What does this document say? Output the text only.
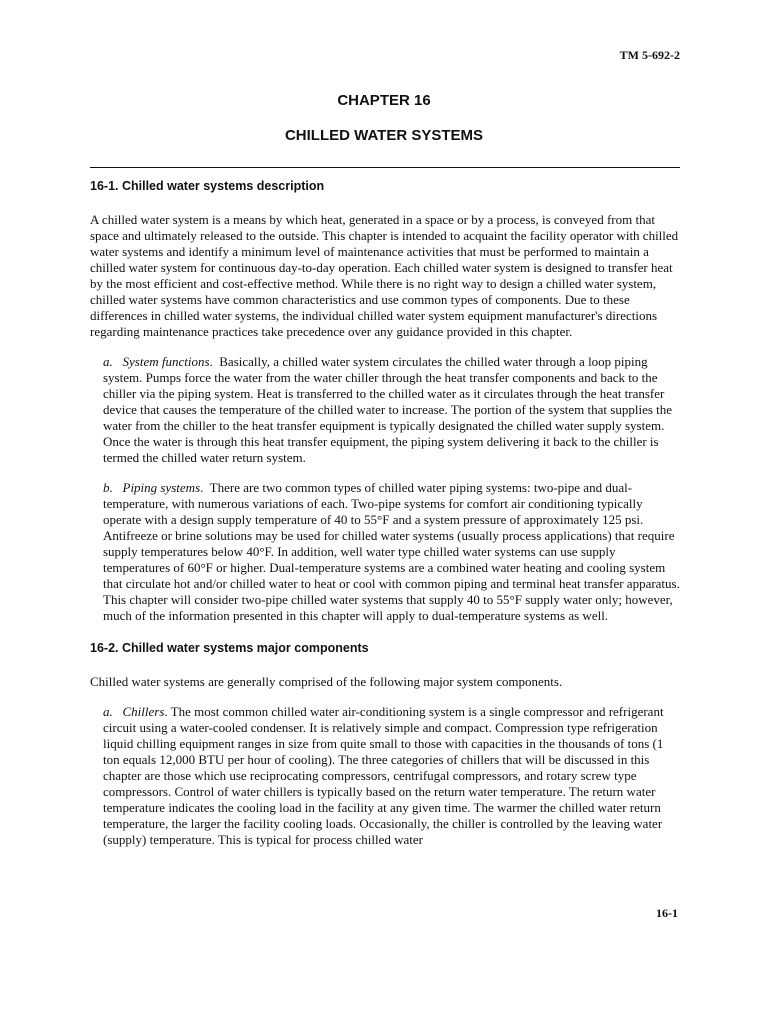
TM 5-692-2
CHAPTER 16
CHILLED WATER SYSTEMS
16-1. Chilled water systems description

A chilled water system is a means by which heat, generated in a space or by a process, is conveyed from that space and ultimately released to the outside. This chapter is intended to acquaint the facility operator with chilled water systems and identify a minimum level of maintenance activities that must be performed to maintain a chilled water system for continuous day-to-day operation. Each chilled water system is designed to transfer heat by the most efficient and cost-effective method. While there is no right way to design a chilled water system, chilled water systems have common characteristics and use common types of components. Due to these differences in chilled water systems, the individual chilled water system equipment manufacturer's directions regarding maintenance practices take precedence over any guidance provided in this chapter.

a. System functions.  Basically, a chilled water system circulates the chilled water through a loop piping system. Pumps force the water from the water chiller through the heat transfer components and back to the chiller via the piping system. Heat is transferred to the chilled water as it circulates through the heat transfer device that causes the temperature of the chilled water to increase. The portion of the system that supplies the water from the chiller to the heat transfer equipment is typically designated the chilled water supply system. Once the water is through this heat transfer equipment, the piping system delivering it back to the chiller is termed the chilled water return system.

b. Piping systems.  There are two common types of chilled water piping systems: two-pipe and dual-temperature, with numerous variations of each. Two-pipe systems for comfort air conditioning typically operate with a design supply temperature of 40 to 55°F and a system pressure of approximately 125 psi. Antifreeze or brine solutions may be used for chilled water systems (usually process applications) that require supply temperatures below 40°F. In addition, well water type chilled water systems can use supply temperatures of 60°F or higher. Dual-temperature systems are a combined water heating and cooling system that circulate hot and/or chilled water to heat or cool with common piping and terminal heat transfer apparatus. This chapter will consider two-pipe chilled water systems that supply 40 to 55°F supply water only; however, much of the information presented in this chapter will apply to dual-temperature systems as well.

16-2. Chilled water systems major components

Chilled water systems are generally comprised of the following major system components.

a. Chillers. The most common chilled water air-conditioning system is a single compressor and refrigerant circuit using a water-cooled condenser. It is relatively simple and compact. Compression type refrigeration liquid chilling equipment ranges in size from quite small to those with capacities in the thousands of tons (1 ton equals 12,000 BTU per hour of cooling). The three categories of chillers that will be discussed in this chapter are those which use reciprocating compressors, centrifugal compressors, and rotary screw type compressors. Control of water chillers is typically based on the return water temperature. The return water temperature indicates the cooling load in the facility at any given time. The warmer the chilled water return temperature, the larger the facility cooling loads. Occasionally, the chiller is controlled by the leaving water (supply) temperature. This is typical for process chilled water

16-1
